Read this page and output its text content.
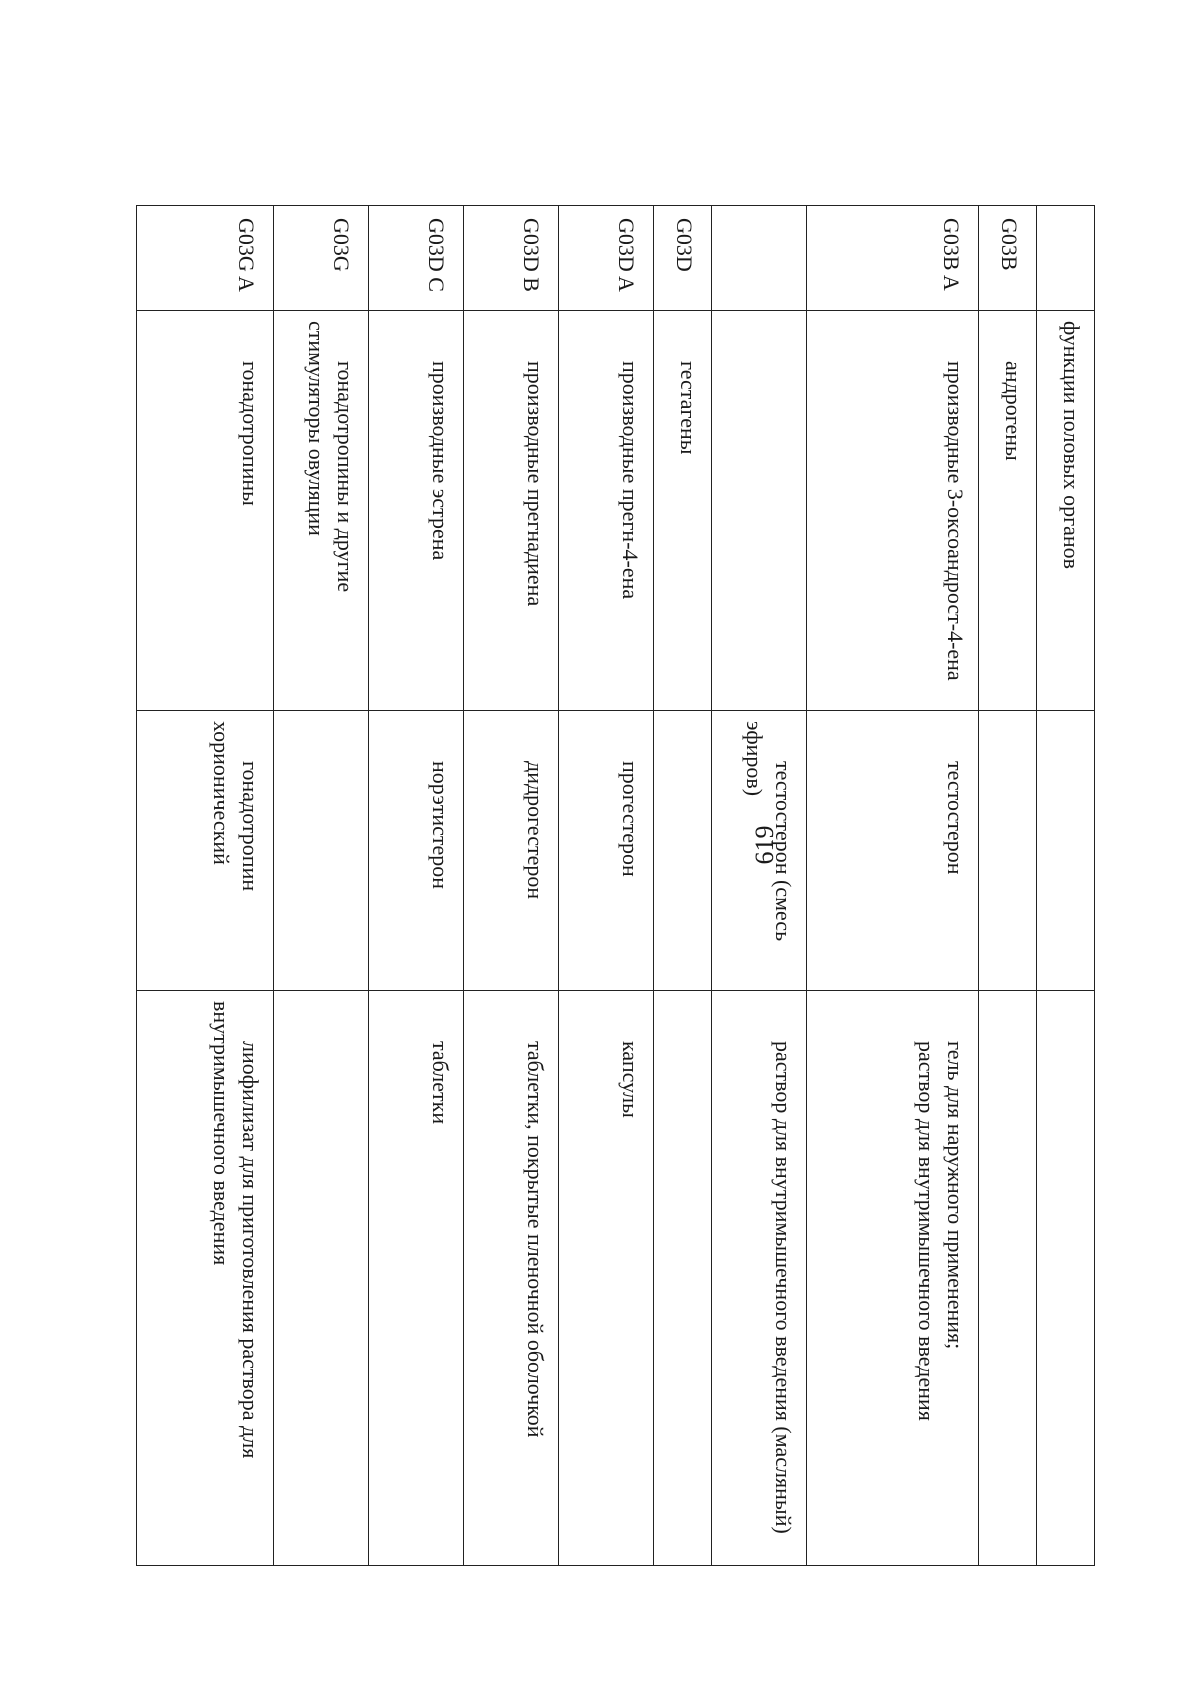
619
	функции половых органов		
G03B	андрогены		
G03B A	производные 3-оксоандрост-4-ена	тестостерон	гель для наружного применения;
раствор для внутримышечного введения

		тестостерон (смесь эфиров)	раствор для внутримышечного введения (масляный)
G03D	гестагены		
G03D A	производные прегн-4-ена	прогестерон	капсулы
G03D B	производные прегнадиена	дидрогестерон	таблетки, покрытые пленочной оболочкой
G03D C	производные эстрена	норэтистерон	таблетки
G03G	гонадотропины и другие стимуляторы овуляции		
G03G A	гонадотропины	гонадотропин хорионический	лиофилизат для приготовления раствора для внутримышечного введения
